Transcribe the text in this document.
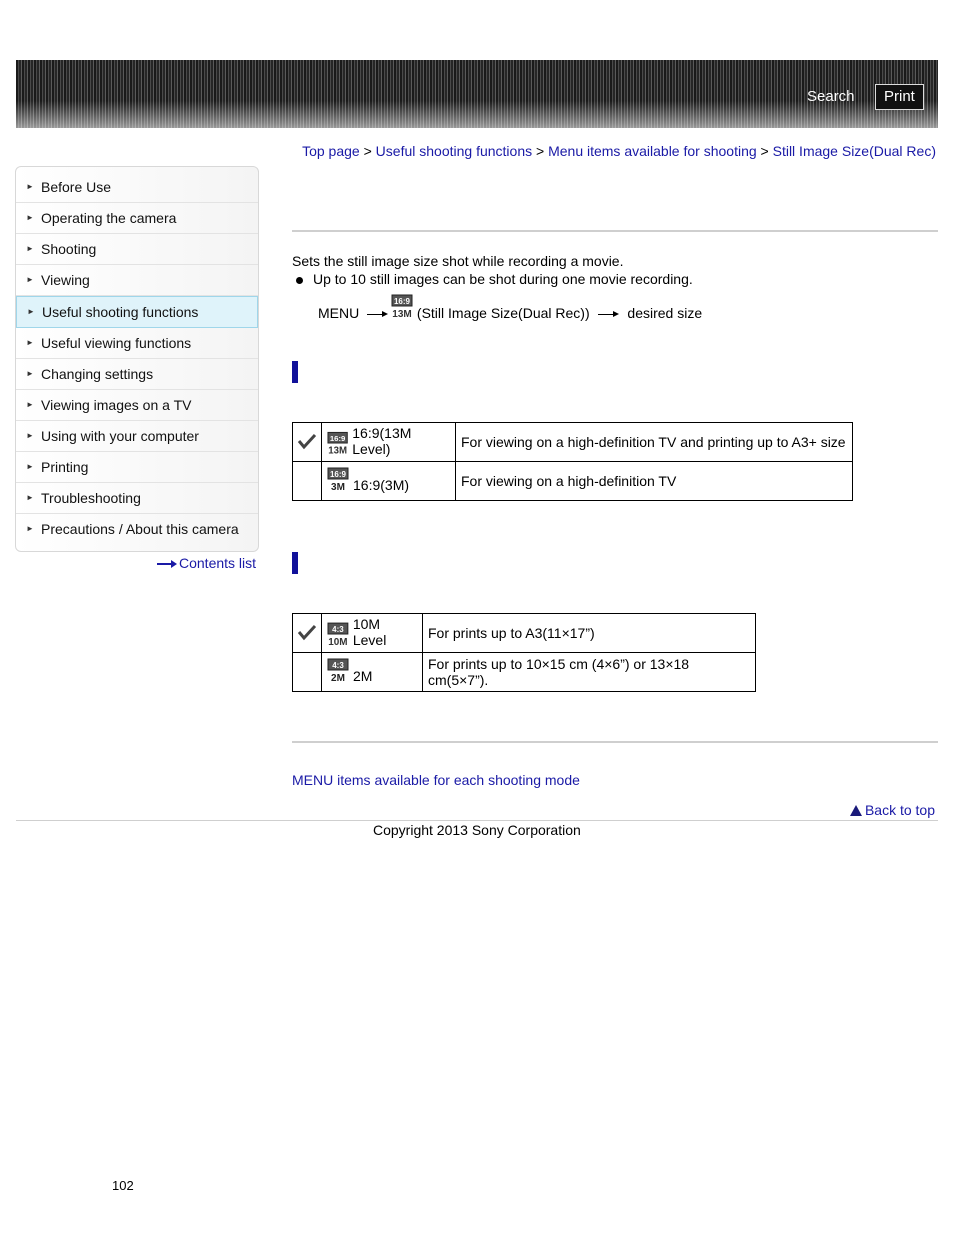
Search	Print
Top page > Useful shooting functions > Menu items available for shooting > Still Image Size(Dual Rec)
► Before Use
► Operating the camera
► Shooting
► Viewing
► Useful shooting functions
► Useful viewing functions
► Changing settings
► Viewing images on a TV
► Using with your computer
► Printing
► Troubleshooting
► Precautions / About this camera
Contents list
Sets the still image size shot while recording a movie.
Up to 10 still images can be shot during one movie recording.
MENU
16:9
13M (Still Image Size(Dual Rec))	desired size

16:9
13M
16:9(13M Level)	For viewing on a high-definition TV and printing up to A3+ size

16:9
3M 16:9(3M)	For viewing on a high-definition TV

4:3
10M
10M Level	For prints up to A3(11×17”)

4:3
2M 2M	For prints up to 10×15 cm (4×6”) or 13×18 cm(5×7”).
MENU items available for each shooting mode
Back to top
Copyright 2013 Sony Corporation
102
